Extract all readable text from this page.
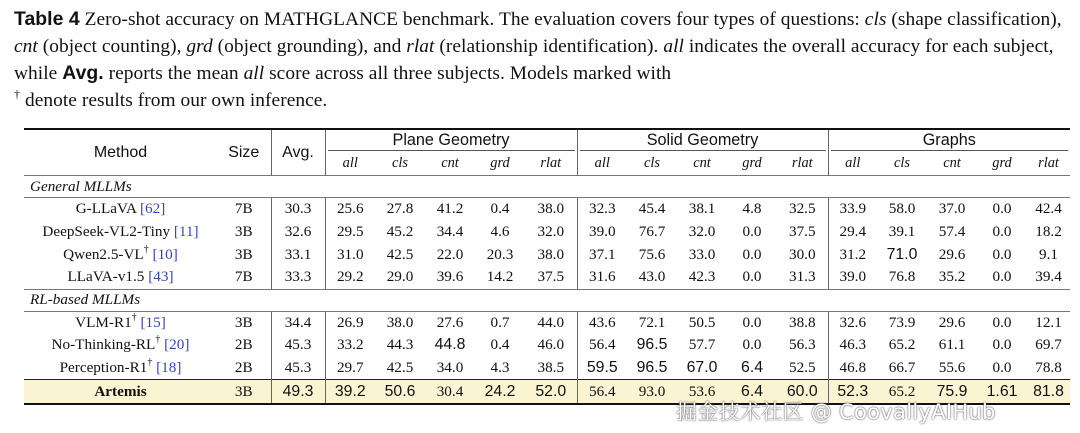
Table 4 Zero-shot accuracy on MATHGLANCE benchmark. The evaluation covers four types of questions: cls (shape classification), cnt (object counting), grd (object grounding), and rlat (relationship identification). all indicates the overall accuracy for each subject, while Avg. reports the mean all score across all three subjects. Models marked with
† denote results from our own inference.
Method	Size	Avg.	Plane Geometry					Solid Geometry					Graphs				

			all	cls	cnt	grd	rlat	all	cls	cnt	grd	rlat	all	cls	cnt	grd	rlat
General MLLMs																	
G-LLaVA [62]	7B	30.3	25.6	27.8	41.2	0.4	38.0	32.3	45.4	38.1	4.8	32.5	33.9	58.0	37.0	0.0	42.4
DeepSeek-VL2-Tiny [11]	3B	32.6	29.5	45.2	34.4	4.6	32.0	39.0	76.7	32.0	0.0	37.5	29.4	39.1	57.4	0.0	18.2
Qwen2.5-VL† [10]	3B	33.1	31.0	42.5	22.0	20.3	38.0	37.1	75.6	33.0	0.0	30.0	31.2	71.0	29.6	0.0	9.1
LLaVA-v1.5 [43]	7B	33.3	29.2	29.0	39.6	14.2	37.5	31.6	43.0	42.3	0.0	31.3	39.0	76.8	35.2	0.0	39.4
RL-based MLLMs																	
VLM-R1† [15]	3B	34.4	26.9	38.0	27.6	0.7	44.0	43.6	72.1	50.5	0.0	38.8	32.6	73.9	29.6	0.0	12.1
No-Thinking-RL† [20]	2B	45.3	33.2	44.3	44.8	0.4	46.0	56.4	96.5	57.7	0.0	56.3	46.3	65.2	61.1	0.0	69.7
Perception-R1† [18]	2B	45.3	29.7	42.5	34.0	4.3	38.5	59.5	96.5	67.0	6.4	52.5	46.8	66.7	55.6	0.0	78.8
Artemis	3B	49.3	39.2	50.6	30.4	24.2	52.0	56.4	93.0	53.6	6.4	60.0	52.3	65.2	75.9	1.61	81.8
掘金技术社区 @ CoovallyAIHub
